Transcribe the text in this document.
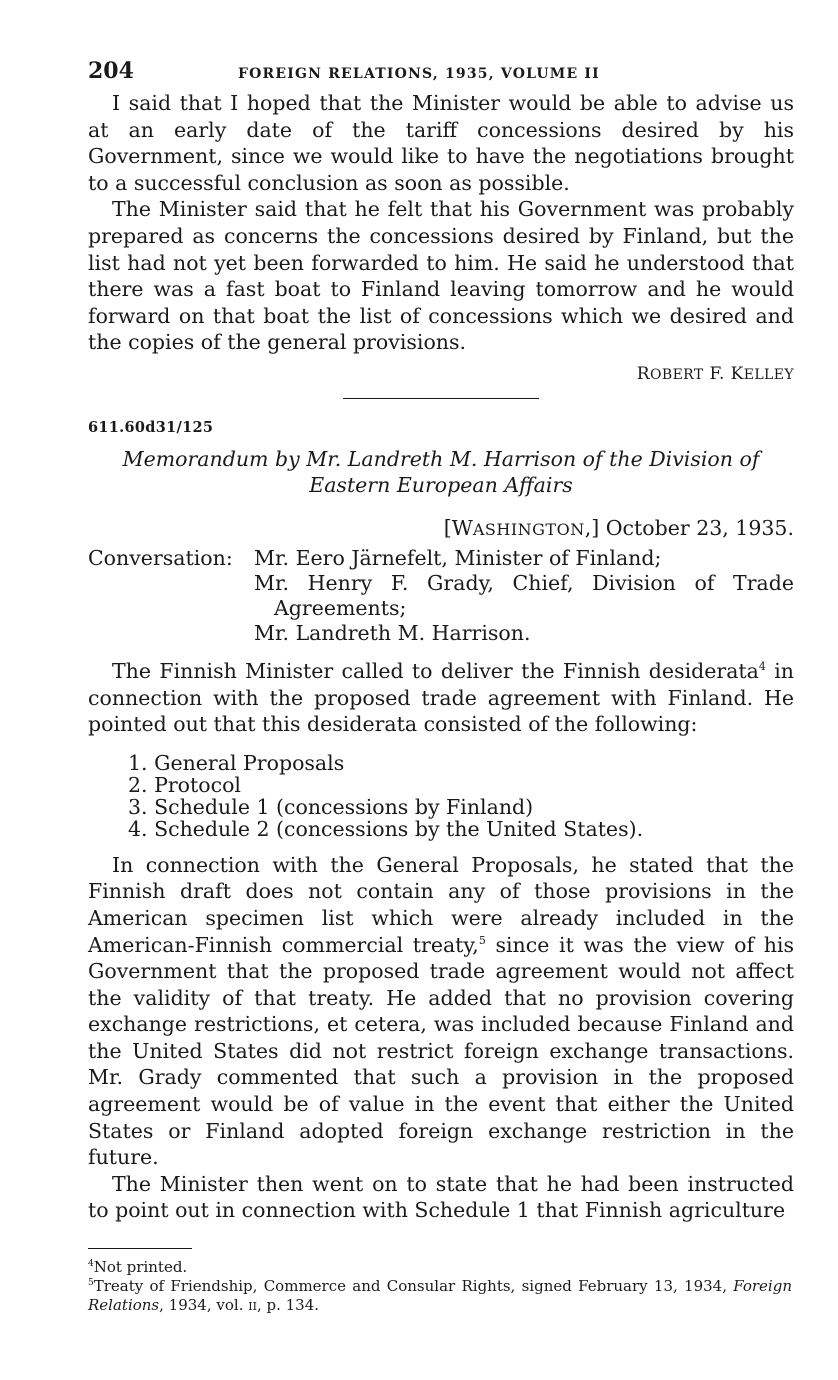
204	FOREIGN RELATIONS, 1935, VOLUME II

I said that I hoped that the Minister would be able to advise us at an early date of the tariff concessions desired by his Government, since we would like to have the negotiations brought to a successful conclusion as soon as possible.

The Minister said that he felt that his Government was probably prepared as concerns the concessions desired by Finland, but the list had not yet been forwarded to him. He said he understood that there was a fast boat to Finland leaving tomorrow and he would forward on that boat the list of concessions which we desired and the copies of the general provisions.

ROBERT F. KELLEY
611.60d31/125
Memorandum by Mr. Landreth M. Harrison of the Division of Eastern European Affairs
[WASHINGTON,] October 23, 1935.
Conversation: Mr. Eero Järnefelt, Minister of Finland;
Mr. Henry F. Grady, Chief, Division of Trade
Agreements;
Mr. Landreth M. Harrison.

The Finnish Minister called to deliver the Finnish desiderata$^4$ in connection with the proposed trade agreement with Finland. He pointed out that this desiderata consisted of the following:

1. General Proposals
2. Protocol
3. Schedule 1 (concessions by Finland)
4. Schedule 2 (concessions by the United States).

In connection with the General Proposals, he stated that the Finnish draft does not contain any of those provisions in the American specimen list which were already included in the American-Finnish commercial treaty,$^5$ since it was the view of his Government that the proposed trade agreement would not affect the validity of that treaty. He added that no provision covering exchange restrictions, et cetera, was included because Finland and the United States did not restrict foreign exchange transactions. Mr. Grady commented that such a provision in the proposed agreement would be of value in the event that either the United States or Finland adopted foreign exchange restriction in the future.

The Minister then went on to state that he had been instructed to point out in connection with Schedule 1 that Finnish agriculture

$^4$Not printed.
$^5$Treaty of Friendship, Commerce and Consular Rights, signed February 13, 1934, Foreign Relations, 1934, vol. ii, p. 134.
